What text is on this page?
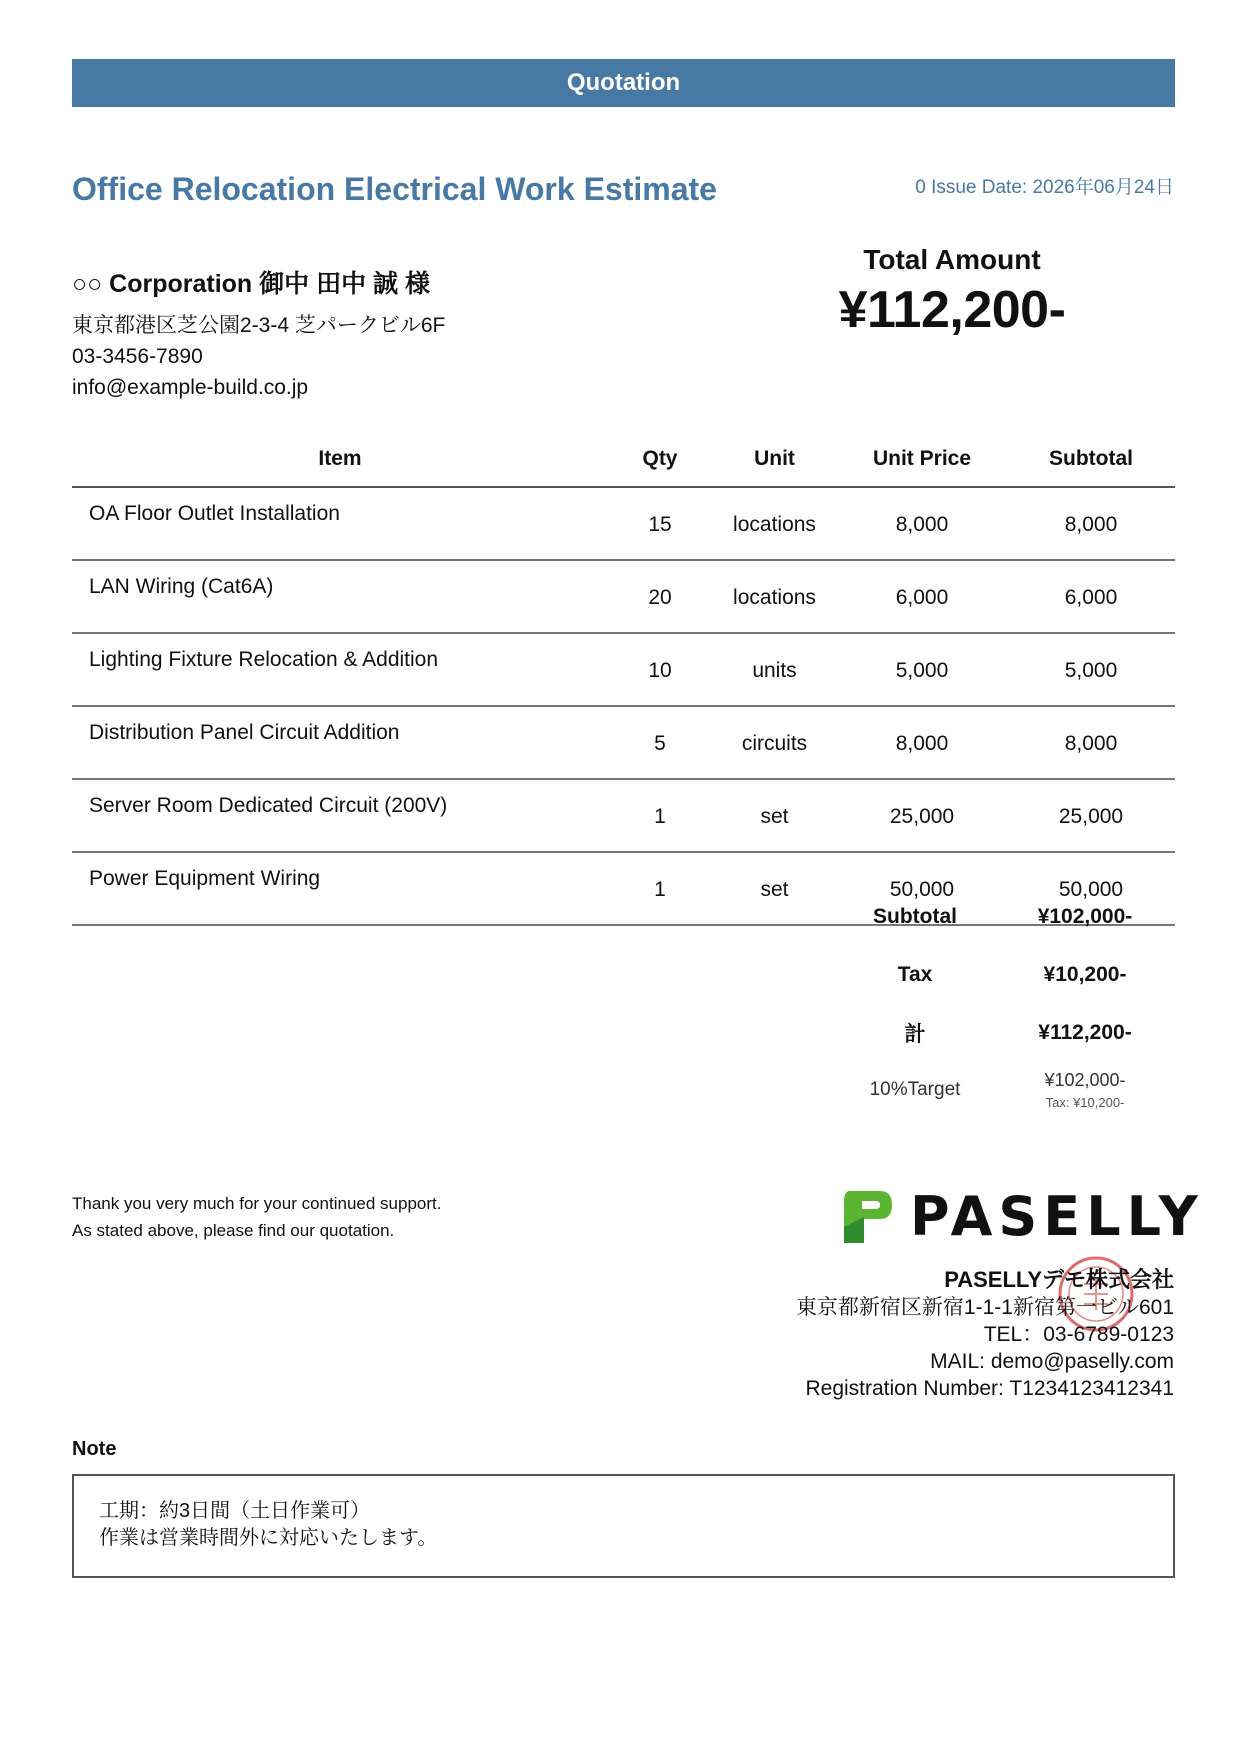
Quotation
Office Relocation Electrical Work Estimate	0 Issue Date: 2026年06月24日
○○ Corporation 御中 田中 誠 様
東京都港区芝公園2-3-4 芝パークビル6F
03-3456-7890
info@example-build.co.jp
Total Amount
¥112,200-
Item	Qty	Unit	Unit Price	Subtotal
OA Floor Outlet Installation	15	locations	8,000	8,000
LAN Wiring (Cat6A)	20	locations	6,000	6,000
Lighting Fixture Relocation & Addition	10	units	5,000	5,000
Distribution Panel Circuit Addition	5	circuits	8,000	8,000
Server Room Dedicated Circuit (200V)	1	set	25,000	25,000
Power Equipment Wiring	1	set	50,000	50,000
Subtotal	¥102,000-
Tax	¥10,200-
計	¥112,200-
10%Target	¥102,000-
Tax: ¥10,200-
Thank you very much for your continued support.
As stated above, please find our quotation.	PASELLY
PASELLYデモ株式会社
東京都新宿区新宿1-1-1新宿第一ビル601
TEL：03-6789-0123
MAIL: demo@paselly.com
Registration Number: T1234123412341
Note
工期：約3日間（土日作業可）
作業は営業時間外に対応いたします。
